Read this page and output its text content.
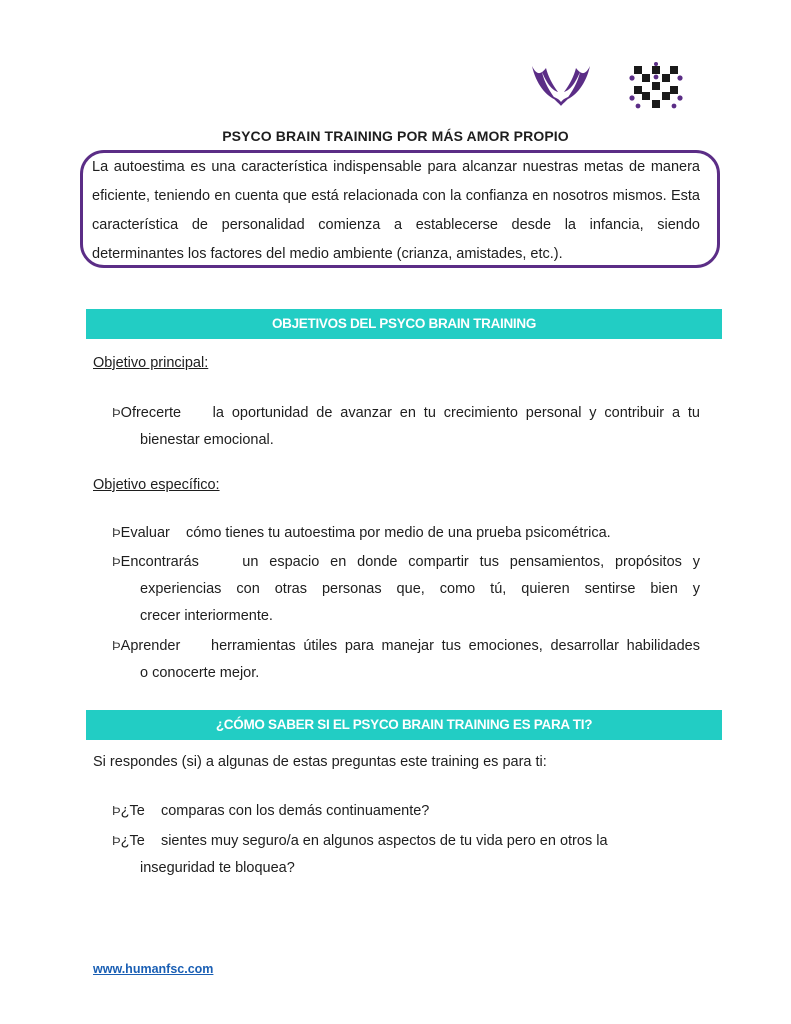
PSYCO BRAIN TRAINING POR MÁS AMOR PROPIO
La autoestima es una característica indispensable para alcanzar nuestras metas de manera eficiente, teniendo en cuenta que está relacionada con la confianza en nosotros mismos. Esta característica de personalidad comienza a establecerse desde la infancia, siendo determinantes los factores del medio ambiente (crianza, amistades, etc.).
OBJETIVOS DEL PSYCO BRAIN TRAINING
Objetivo principal:
ÞOfrecerte    la oportunidad de avanzar en tu crecimiento personal y contribuir a tu
bienestar emocional.
Objetivo específico:
ÞEvaluar    cómo tienes tu autoestima por medio de una prueba psicométrica.
ÞEncontrarás    un espacio en donde compartir tus pensamientos, propósitos y
experiencias con otras personas que, como tú, quieren sentirse bien y
crecer interiormente.
ÞAprender    herramientas útiles para manejar tus emociones, desarrollar habilidades
o conocerte mejor.
¿CÓMO SABER SI EL PSYCO BRAIN TRAINING ES PARA TI?
Si respondes (si) a algunas de estas preguntas este training es para ti:
Þ¿Te    comparas con los demás continuamente?
Þ¿Te    sientes muy seguro/a en algunos aspectos de tu vida pero en otros la
inseguridad te bloquea?
www.humanfsc.com
